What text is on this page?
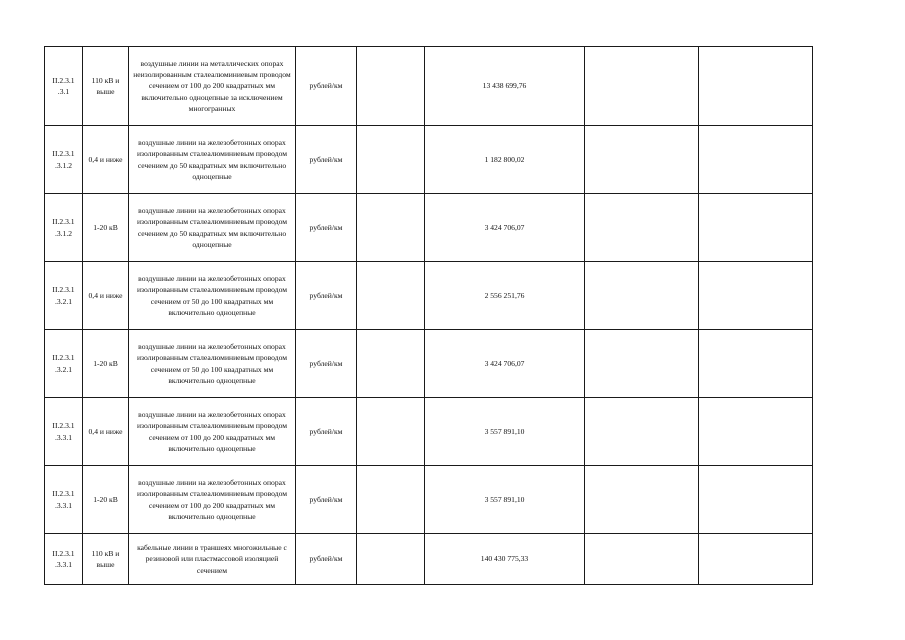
II.2.3.1 .3.1	110 кВ и выше	воздушные линии на металлических опорах неизолированным сталеалюминиевым проводом сечением от 100 до 200 квадратных мм включительно одноцепные за исключением многогранных	рублей/км		13 438 699,76		
II.2.3.1 .3.1.2	0,4 и ниже	воздушные линии на железобетонных опорах изолированным сталеалюминиевым проводом сечением до 50 квадратных мм включительно одноцепные	рублей/км		1 182 800,02		
II.2.3.1 .3.1.2	1-20 кВ	воздушные линии на железобетонных опорах изолированным сталеалюминиевым проводом сечением до 50 квадратных мм включительно одноцепные	рублей/км		3 424 706,07		
II.2.3.1 .3.2.1	0,4 и ниже	воздушные линии на железобетонных опорах изолированным сталеалюминиевым проводом сечением от 50 до 100 квадратных мм включительно одноцепные	рублей/км		2 556 251,76		
II.2.3.1 .3.2.1	1-20 кВ	воздушные линии на железобетонных опорах изолированным сталеалюминиевым проводом сечением от 50 до 100 квадратных мм включительно одноцепные	рублей/км		3 424 706,07		
II.2.3.1 .3.3.1	0,4 и ниже	воздушные линии на железобетонных опорах изолированным сталеалюминиевым проводом сечением от 100 до 200 квадратных мм включительно одноцепные	рублей/км		3 557 891,10		
II.2.3.1 .3.3.1	1-20 кВ	воздушные линии на железобетонных опорах изолированным сталеалюминиевым проводом сечением от 100 до 200 квадратных мм включительно одноцепные	рублей/км		3 557 891,10		
II.2.3.1 .3.3.1	110 кВ и выше	кабельные линии в траншеях многожильные с резиновой или пластмассовой изоляцией сечением	рублей/км		140 430 775,33		
